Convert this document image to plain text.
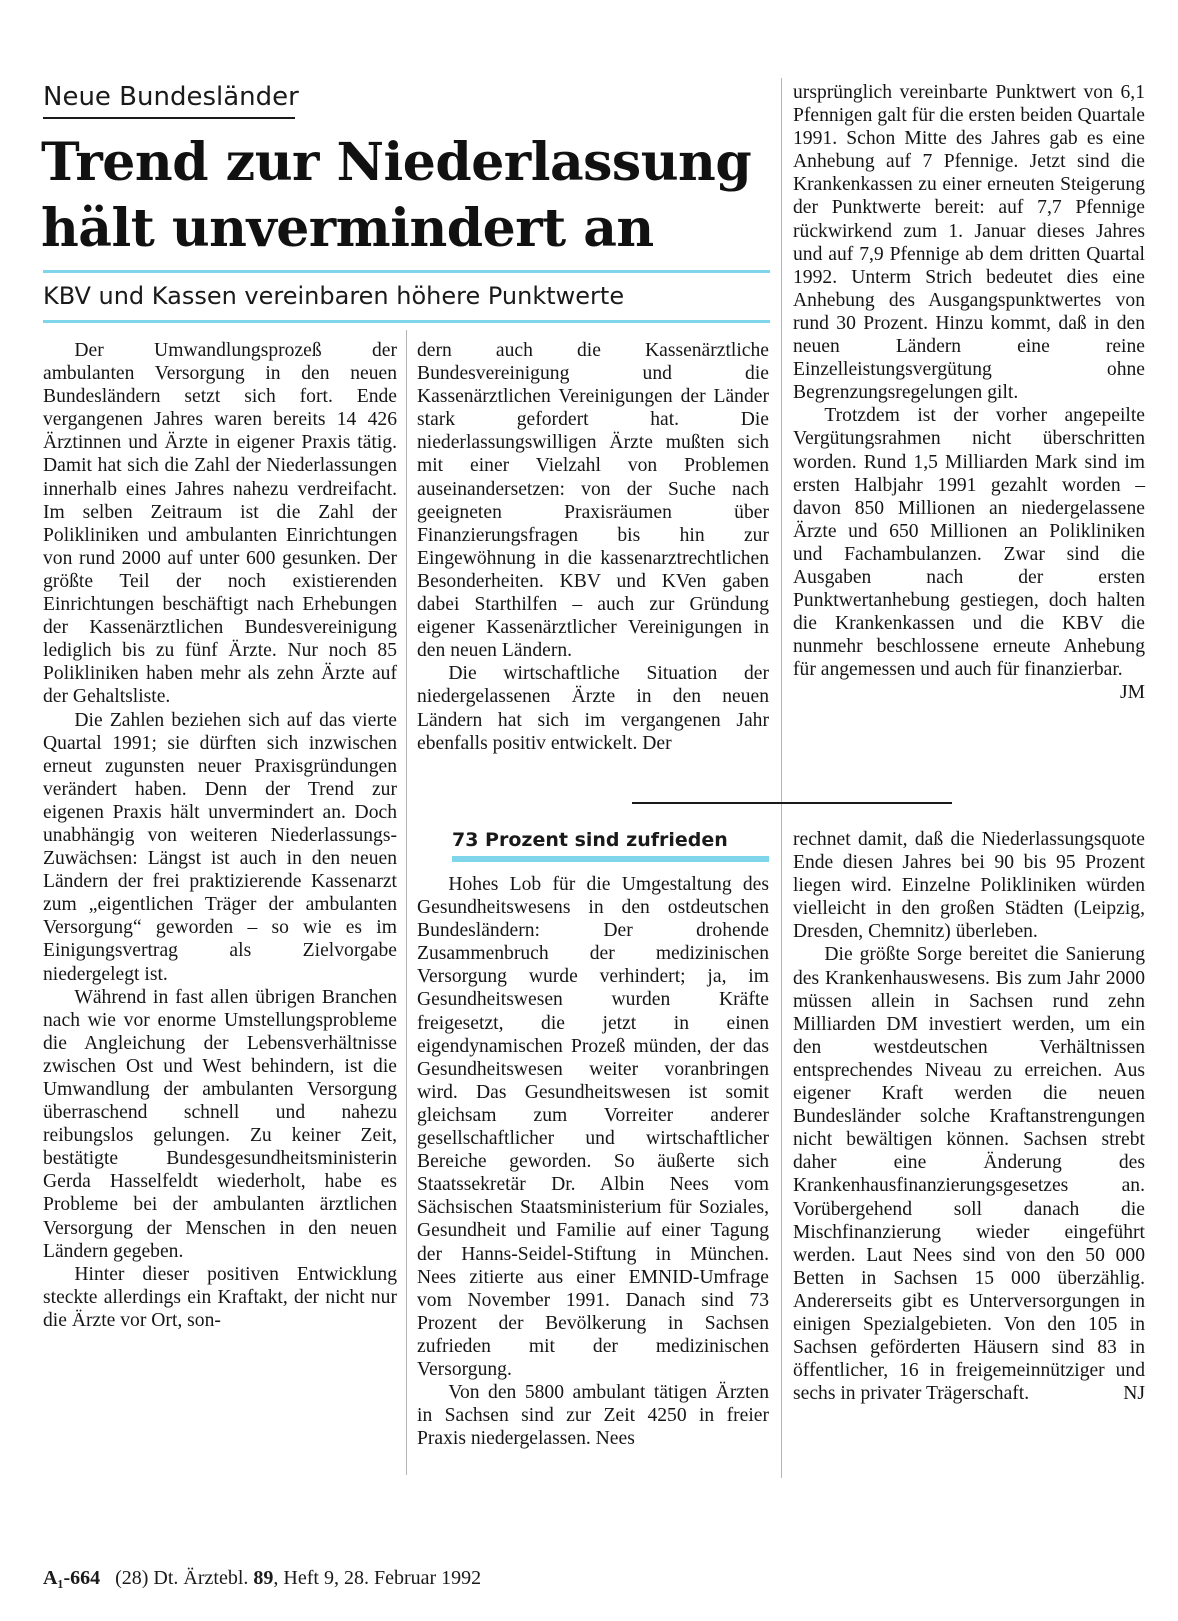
Neue Bundesländer
Trend zur Niederlassung
hält unvermindert an
KBV und Kassen vereinbaren höhere Punktwerte

Der Umwandlungsprozeß der ambulanten Versorgung in den neuen Bundesländern setzt sich fort. Ende vergangenen Jahres waren bereits 14 426 Ärztinnen und Ärzte in eigener Praxis tätig. Damit hat sich die Zahl der Niederlassungen innerhalb eines Jahres nahezu verdreifacht. Im selben Zeitraum ist die Zahl der Polikliniken und ambulanten Einrichtungen von rund 2000 auf unter 600 gesunken. Der größte Teil der noch existierenden Einrichtungen beschäftigt nach Erhebungen der Kassenärztlichen Bundesvereinigung lediglich bis zu fünf Ärzte. Nur noch 85 Polikliniken haben mehr als zehn Ärzte auf der Gehaltsliste.

Die Zahlen beziehen sich auf das vierte Quartal 1991; sie dürften sich inzwischen erneut zugunsten neuer Praxisgründungen verändert haben. Denn der Trend zur eigenen Praxis hält unvermindert an. Doch unabhängig von weiteren Niederlassungs-Zuwächsen: Längst ist auch in den neuen Ländern der frei praktizierende Kassenarzt zum „eigentlichen Träger der ambulanten Versorgung“ geworden – so wie es im Einigungsvertrag als Zielvorgabe niedergelegt ist.

Während in fast allen übrigen Branchen nach wie vor enorme Umstellungsprobleme die Angleichung der Lebensverhältnisse zwischen Ost und West behindern, ist die Umwandlung der ambulanten Versorgung überraschend schnell und nahezu reibungslos gelungen. Zu keiner Zeit, bestätigte Bundesgesundheitsministerin Gerda Hasselfeldt wiederholt, habe es Probleme bei der ambulanten ärztlichen Versorgung der Menschen in den neuen Ländern gegeben.

Hinter dieser positiven Entwicklung steckte allerdings ein Kraftakt, der nicht nur die Ärzte vor Ort, son-

dern auch die Kassenärztliche Bundesvereinigung und die Kassenärztlichen Vereinigungen der Länder stark gefordert hat. Die niederlassungswilligen Ärzte mußten sich mit einer Vielzahl von Problemen auseinandersetzen: von der Suche nach geeigneten Praxisräumen über Finanzierungsfragen bis hin zur Eingewöhnung in die kassenarztrechtlichen Besonderheiten. KBV und KVen gaben dabei Starthilfen – auch zur Gründung eigener Kassenärztlicher Vereinigungen in den neuen Ländern.

Die wirtschaftliche Situation der niedergelassenen Ärzte in den neuen Ländern hat sich im vergangenen Jahr ebenfalls positiv entwickelt. Der

ursprünglich vereinbarte Punktwert von 6,1 Pfennigen galt für die ersten beiden Quartale 1991. Schon Mitte des Jahres gab es eine Anhebung auf 7 Pfennige. Jetzt sind die Krankenkassen zu einer erneuten Steigerung der Punktwerte bereit: auf 7,7 Pfennige rückwirkend zum 1. Januar dieses Jahres und auf 7,9 Pfennige ab dem dritten Quartal 1992. Unterm Strich bedeutet dies eine Anhebung des Ausgangspunktwertes von rund 30 Prozent. Hinzu kommt, daß in den neuen Ländern eine reine Einzelleistungsvergütung ohne Begrenzungsregelungen gilt.

Trotzdem ist der vorher angepeilte Vergütungsrahmen nicht überschritten worden. Rund 1,5 Milliarden Mark sind im ersten Halbjahr 1991 gezahlt worden – davon 850 Millionen an niedergelassene Ärzte und 650 Millionen an Polikliniken und Fachambulanzen. Zwar sind die Ausgaben nach der ersten Punktwertanhebung gestiegen, doch halten die Krankenkassen und die KBV die nunmehr beschlossene erneute Anhebung für angemessen und auch für finanzierbar.
JM

73 Prozent sind zufrieden

Hohes Lob für die Umgestaltung des Gesundheitswesens in den ostdeutschen Bundesländern: Der drohende Zusammenbruch der medizinischen Versorgung wurde verhindert; ja, im Gesundheitswesen wurden Kräfte freigesetzt, die jetzt in einen eigendynamischen Prozeß münden, der das Gesundheitswesen weiter voranbringen wird. Das Gesundheitswesen ist somit gleichsam zum Vorreiter anderer gesellschaftlicher und wirtschaftlicher Bereiche geworden. So äußerte sich Staatssekretär Dr. Albin Nees vom Sächsischen Staatsministerium für Soziales, Gesundheit und Familie auf einer Tagung der Hanns-Seidel-Stiftung in München. Nees zitierte aus einer EMNID-Umfrage vom November 1991. Danach sind 73 Prozent der Bevölkerung in Sachsen zufrieden mit der medizinischen Versorgung.

Von den 5800 ambulant tätigen Ärzten in Sachsen sind zur Zeit 4250 in freier Praxis niedergelassen. Nees

rechnet damit, daß die Niederlassungsquote Ende diesen Jahres bei 90 bis 95 Prozent liegen wird. Einzelne Polikliniken würden vielleicht in den großen Städten (Leipzig, Dresden, Chemnitz) überleben.

Die größte Sorge bereitet die Sanierung des Krankenhauswesens. Bis zum Jahr 2000 müssen allein in Sachsen rund zehn Milliarden DM investiert werden, um ein den westdeutschen Verhältnissen entsprechendes Niveau zu erreichen. Aus eigener Kraft werden die neuen Bundesländer solche Kraftanstrengungen nicht bewältigen können. Sachsen strebt daher eine Änderung des Krankenhausfinanzierungsgesetzes an. Vorübergehend soll danach die Mischfinanzierung wieder eingeführt werden. Laut Nees sind von den 50 000 Betten in Sachsen 15 000 überzählig. Andererseits gibt es Unterversorgungen in einigen Spezialgebieten. Von den 105 in Sachsen geförderten Häusern sind 83 in öffentlicher, 16 in freigemeinnütziger und sechs in privater Trägerschaft.	NJ

A₁-664 (28) Dt. Ärztebl. 89, Heft 9, 28. Februar 1992
